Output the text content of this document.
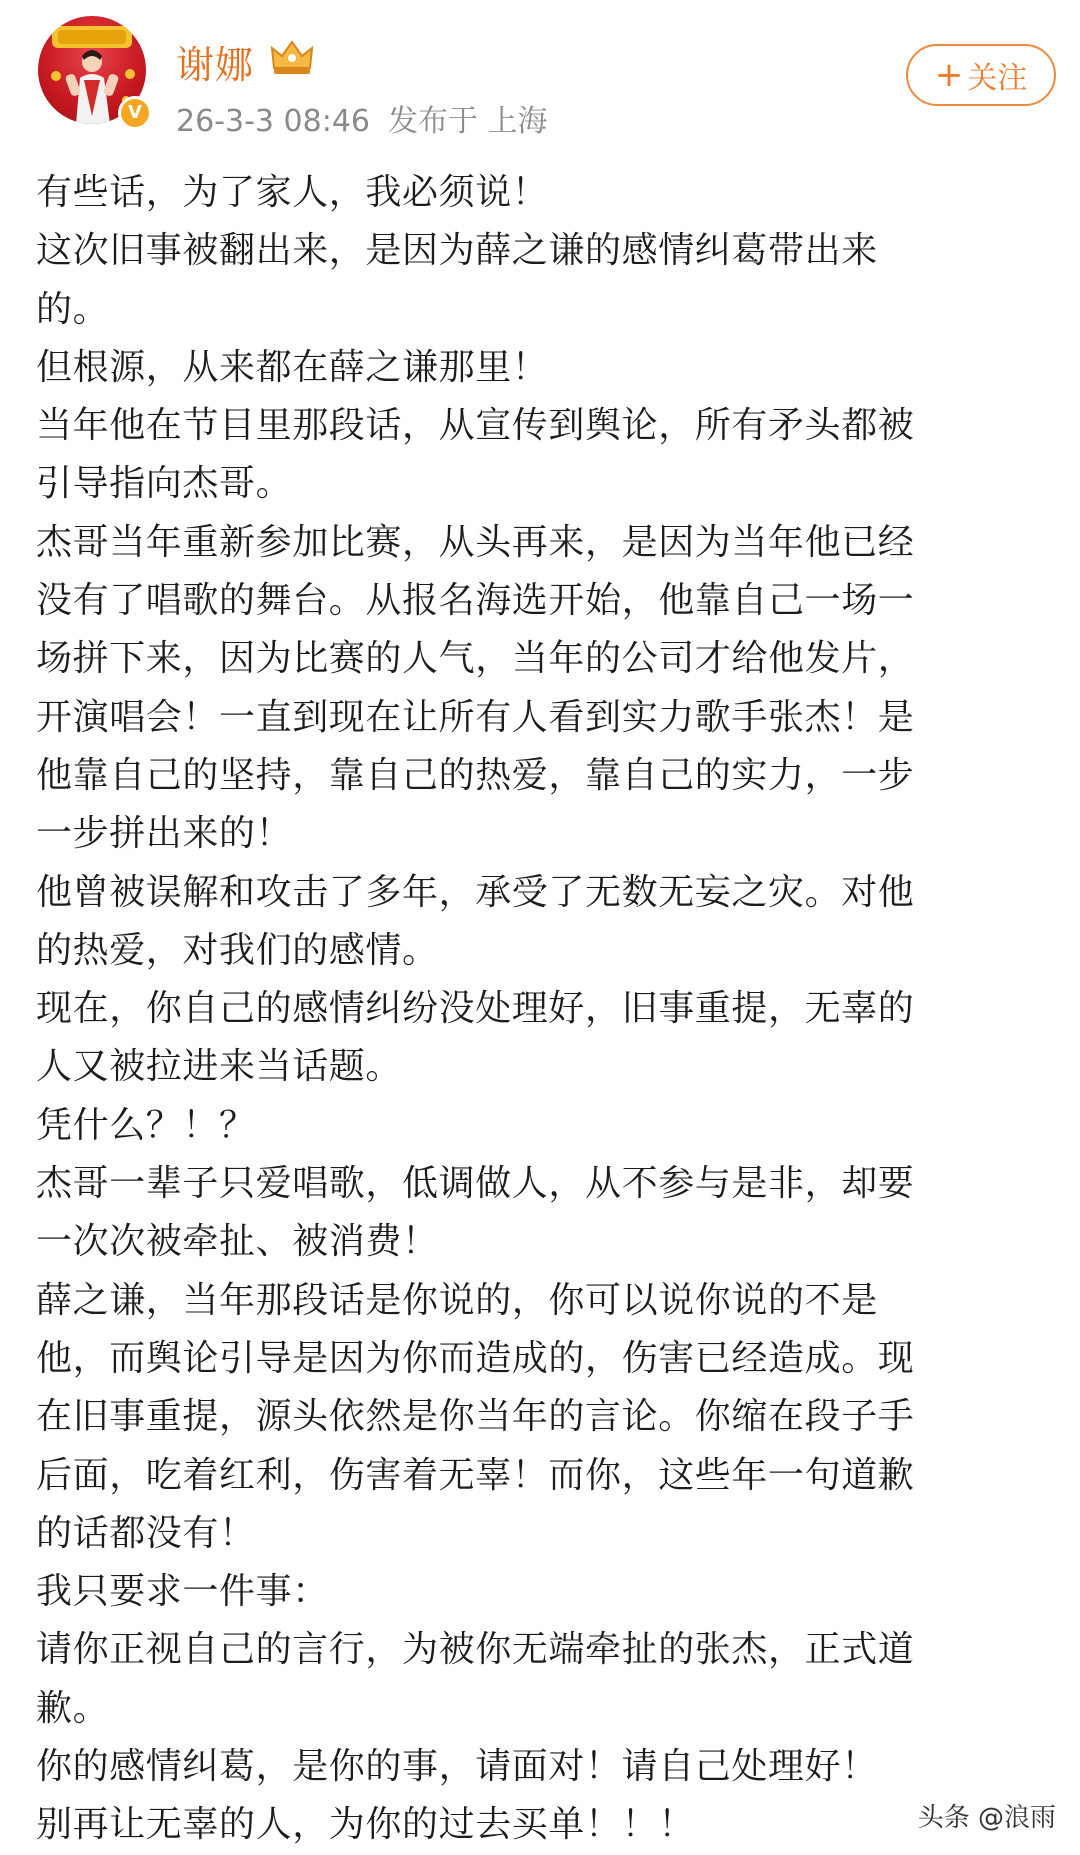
V
谢娜
26-3-3 08:46 发布于 上海
+ 关注
有些话，为了家人，我必须说！
这次旧事被翻出来，是因为薛之谦的感情纠葛带出来
的。
但根源，从来都在薛之谦那里！
当年他在节目里那段话，从宣传到舆论，所有矛头都被
引导指向杰哥。
杰哥当年重新参加比赛，从头再来，是因为当年他已经
没有了唱歌的舞台。从报名海选开始，他靠自己一场一
场拼下来，因为比赛的人气，当年的公司才给他发片，
开演唱会！一直到现在让所有人看到实力歌手张杰！是
他靠自己的坚持，靠自己的热爱，靠自己的实力，一步
一步拼出来的！
他曾被误解和攻击了多年，承受了无数无妄之灾。对他
的热爱，对我们的感情。
现在，你自己的感情纠纷没处理好，旧事重提，无辜的
人又被拉进来当话题。
凭什么？！？
杰哥一辈子只爱唱歌，低调做人，从不参与是非，却要
一次次被牵扯、被消费！
薛之谦，当年那段话是你说的，你可以说你说的不是
他，而舆论引导是因为你而造成的，伤害已经造成。现
在旧事重提，源头依然是你当年的言论。你缩在段子手
后面，吃着红利，伤害着无辜！而你，这些年一句道歉
的话都没有！
我只要求一件事：
请你正视自己的言行，为被你无端牵扯的张杰，正式道
歉。
你的感情纠葛，是你的事，请面对！请自己处理好！
别再让无辜的人，为你的过去买单！！！	头条 @浪雨
